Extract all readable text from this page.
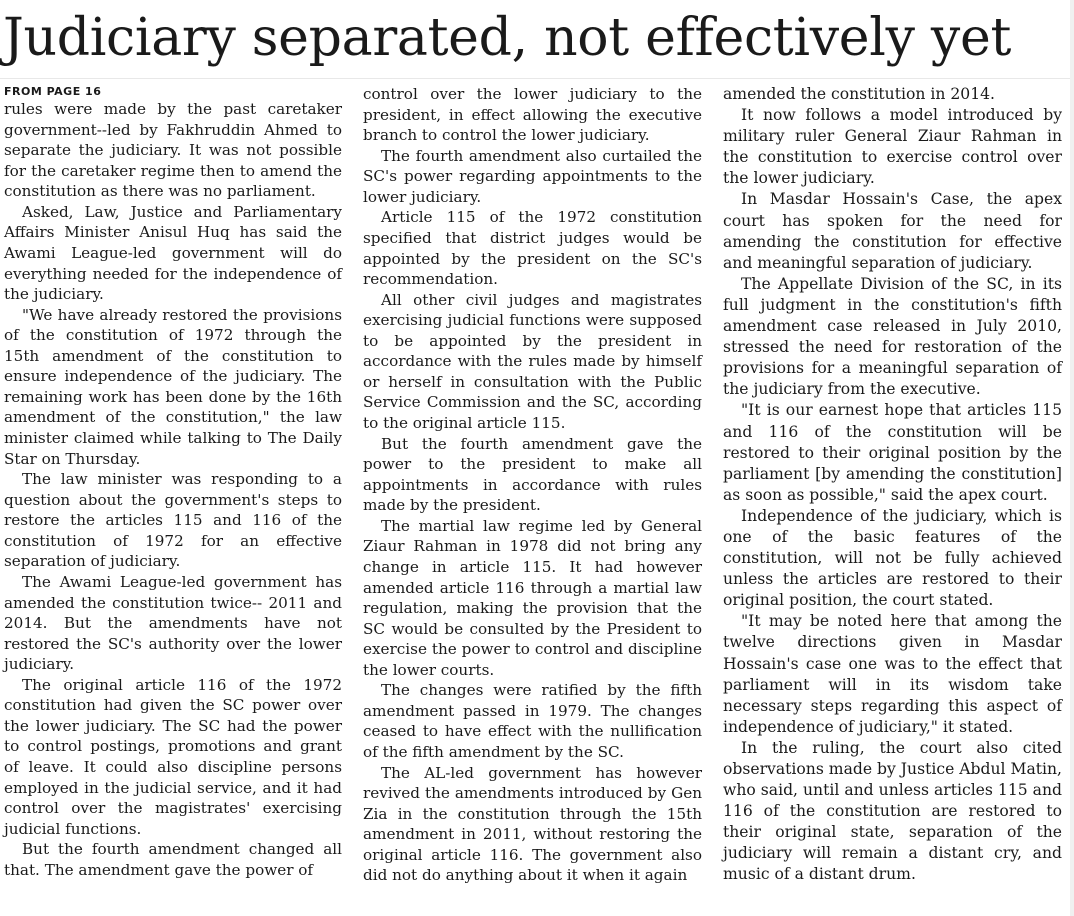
Judiciary separated, not effectively yet
FROM PAGE 16

rules were made by the past caretaker government--led by Fakhruddin Ahmed to separate the judiciary. It was not possible for the caretaker regime then to amend the constitution as there was no parliament.

Asked, Law, Justice and Parliamentary Affairs Minister Anisul Huq has said the Awami League-led government will do everything needed for the independence of the judiciary.

"We have already restored the provisions of the constitution of 1972 through the 15th amendment of the constitution to ensure independence of the judiciary. The remaining work has been done by the 16th amendment of the constitution," the law minister claimed while talking to The Daily Star on Thursday.

The law minister was responding to a question about the government's steps to restore the articles 115 and 116 of the constitution of 1972 for an effective separation of judiciary.

The Awami League-led government has amended the constitution twice-- 2011 and 2014. But the amendments have not restored the SC's authority over the lower judiciary.

The original article 116 of the 1972 constitution had given the SC power over the lower judiciary. The SC had the power to control postings, promotions and grant of leave. It could also discipline persons employed in the judicial service, and it had control over the magistrates' exercising judicial functions.

But the fourth amendment changed all that. The amendment gave the power of

control over the lower judiciary to the president, in effect allowing the executive branch to control the lower judiciary.

The fourth amendment also curtailed the SC's power regarding appointments to the lower judiciary.

Article 115 of the 1972 constitution specified that district judges would be appointed by the president on the SC's recommendation.

All other civil judges and magistrates exercising judicial functions were supposed to be appointed by the president in accordance with the rules made by himself or herself in consultation with the Public Service Commission and the SC, according to the original article 115.

But the fourth amendment gave the power to the president to make all appointments in accordance with rules made by the president.

The martial law regime led by General Ziaur Rahman in 1978 did not bring any change in article 115. It had however amended article 116 through a martial law regulation, making the provision that the SC would be consulted by the President to exercise the power to control and discipline the lower courts.

The changes were ratified by the fifth amendment passed in 1979. The changes ceased to have effect with the nullification of the fifth amendment by the SC.

The AL-led government has however revived the amendments introduced by Gen Zia in the constitution through the 15th amendment in 2011, without restoring the original article 116. The government also did not do anything about it when it again

amended the constitution in 2014.

It now follows a model introduced by military ruler General Ziaur Rahman in the constitution to exercise control over the lower judiciary.

In Masdar Hossain's Case, the apex court has spoken for the need for amending the constitution for effective and meaningful separation of judiciary.

The Appellate Division of the SC, in its full judgment in the constitution's fifth amendment case released in July 2010, stressed the need for restoration of the provisions for a meaningful separation of the judiciary from the executive.

"It is our earnest hope that articles 115 and 116 of the constitution will be restored to their original position by the parliament [by amending the constitution] as soon as possible," said the apex court.

Independence of the judiciary, which is one of the basic features of the constitution, will not be fully achieved unless the articles are restored to their original position, the court stated.

"It may be noted here that among the twelve directions given in Masdar Hossain's case one was to the effect that parliament will in its wisdom take necessary steps regarding this aspect of independence of judiciary," it stated.

In the ruling, the court also cited observations made by Justice Abdul Matin, who said, until and unless articles 115 and 116 of the constitution are restored to their original state, separation of the judiciary will remain a distant cry, and music of a distant drum.
